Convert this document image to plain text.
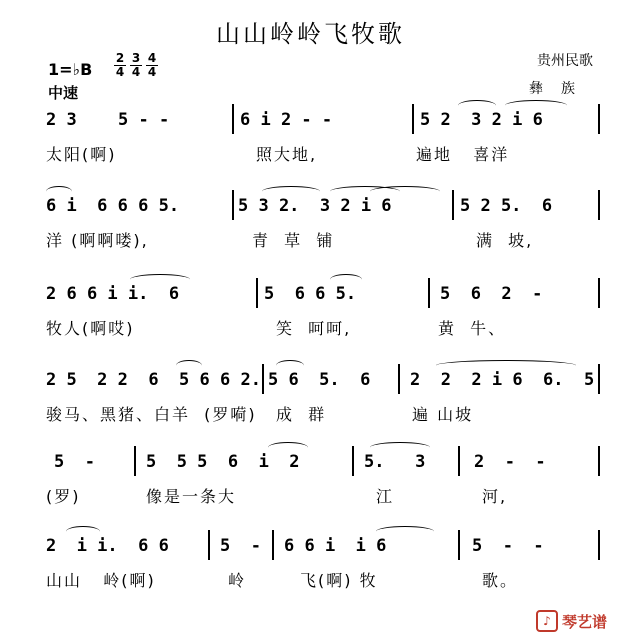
山山岭岭飞牧歌
贵州民歌
彝族
1=♭B
2
4
3
4
4
4
中速
2 3 5 - -	6 i 2 - -	5 2  3 2 i 6
太阳(啊)	照大地,	遍地   喜洋
6 i  6 6 6 5.	5 3 2.  3 2 i 6	5 2 5.  6
洋 (啊啊喽),	青  草  铺	满  坡,
2 6 6 i i.  6	5  6 6 5.	5  6  2  -
牧人(啊哎)	笑  呵呵,	黄  牛、
2 5  2 2  6  5 6 6 2. 5 6  5.  6 2  2  2 i 6  6.  5
骏马、黑猪、白羊  (罗嗬) 成  群	遍 山坡
5  -	5  5 5  6  i  2	5.   3	2  -  -
(罗)	像是一条大	江	河,
2  i i.  6 6	5  - 6 6 i  i 6	5  -  -
山山   岭(啊)	岭	飞(啊) 牧	歌。
♪ 琴艺谱
